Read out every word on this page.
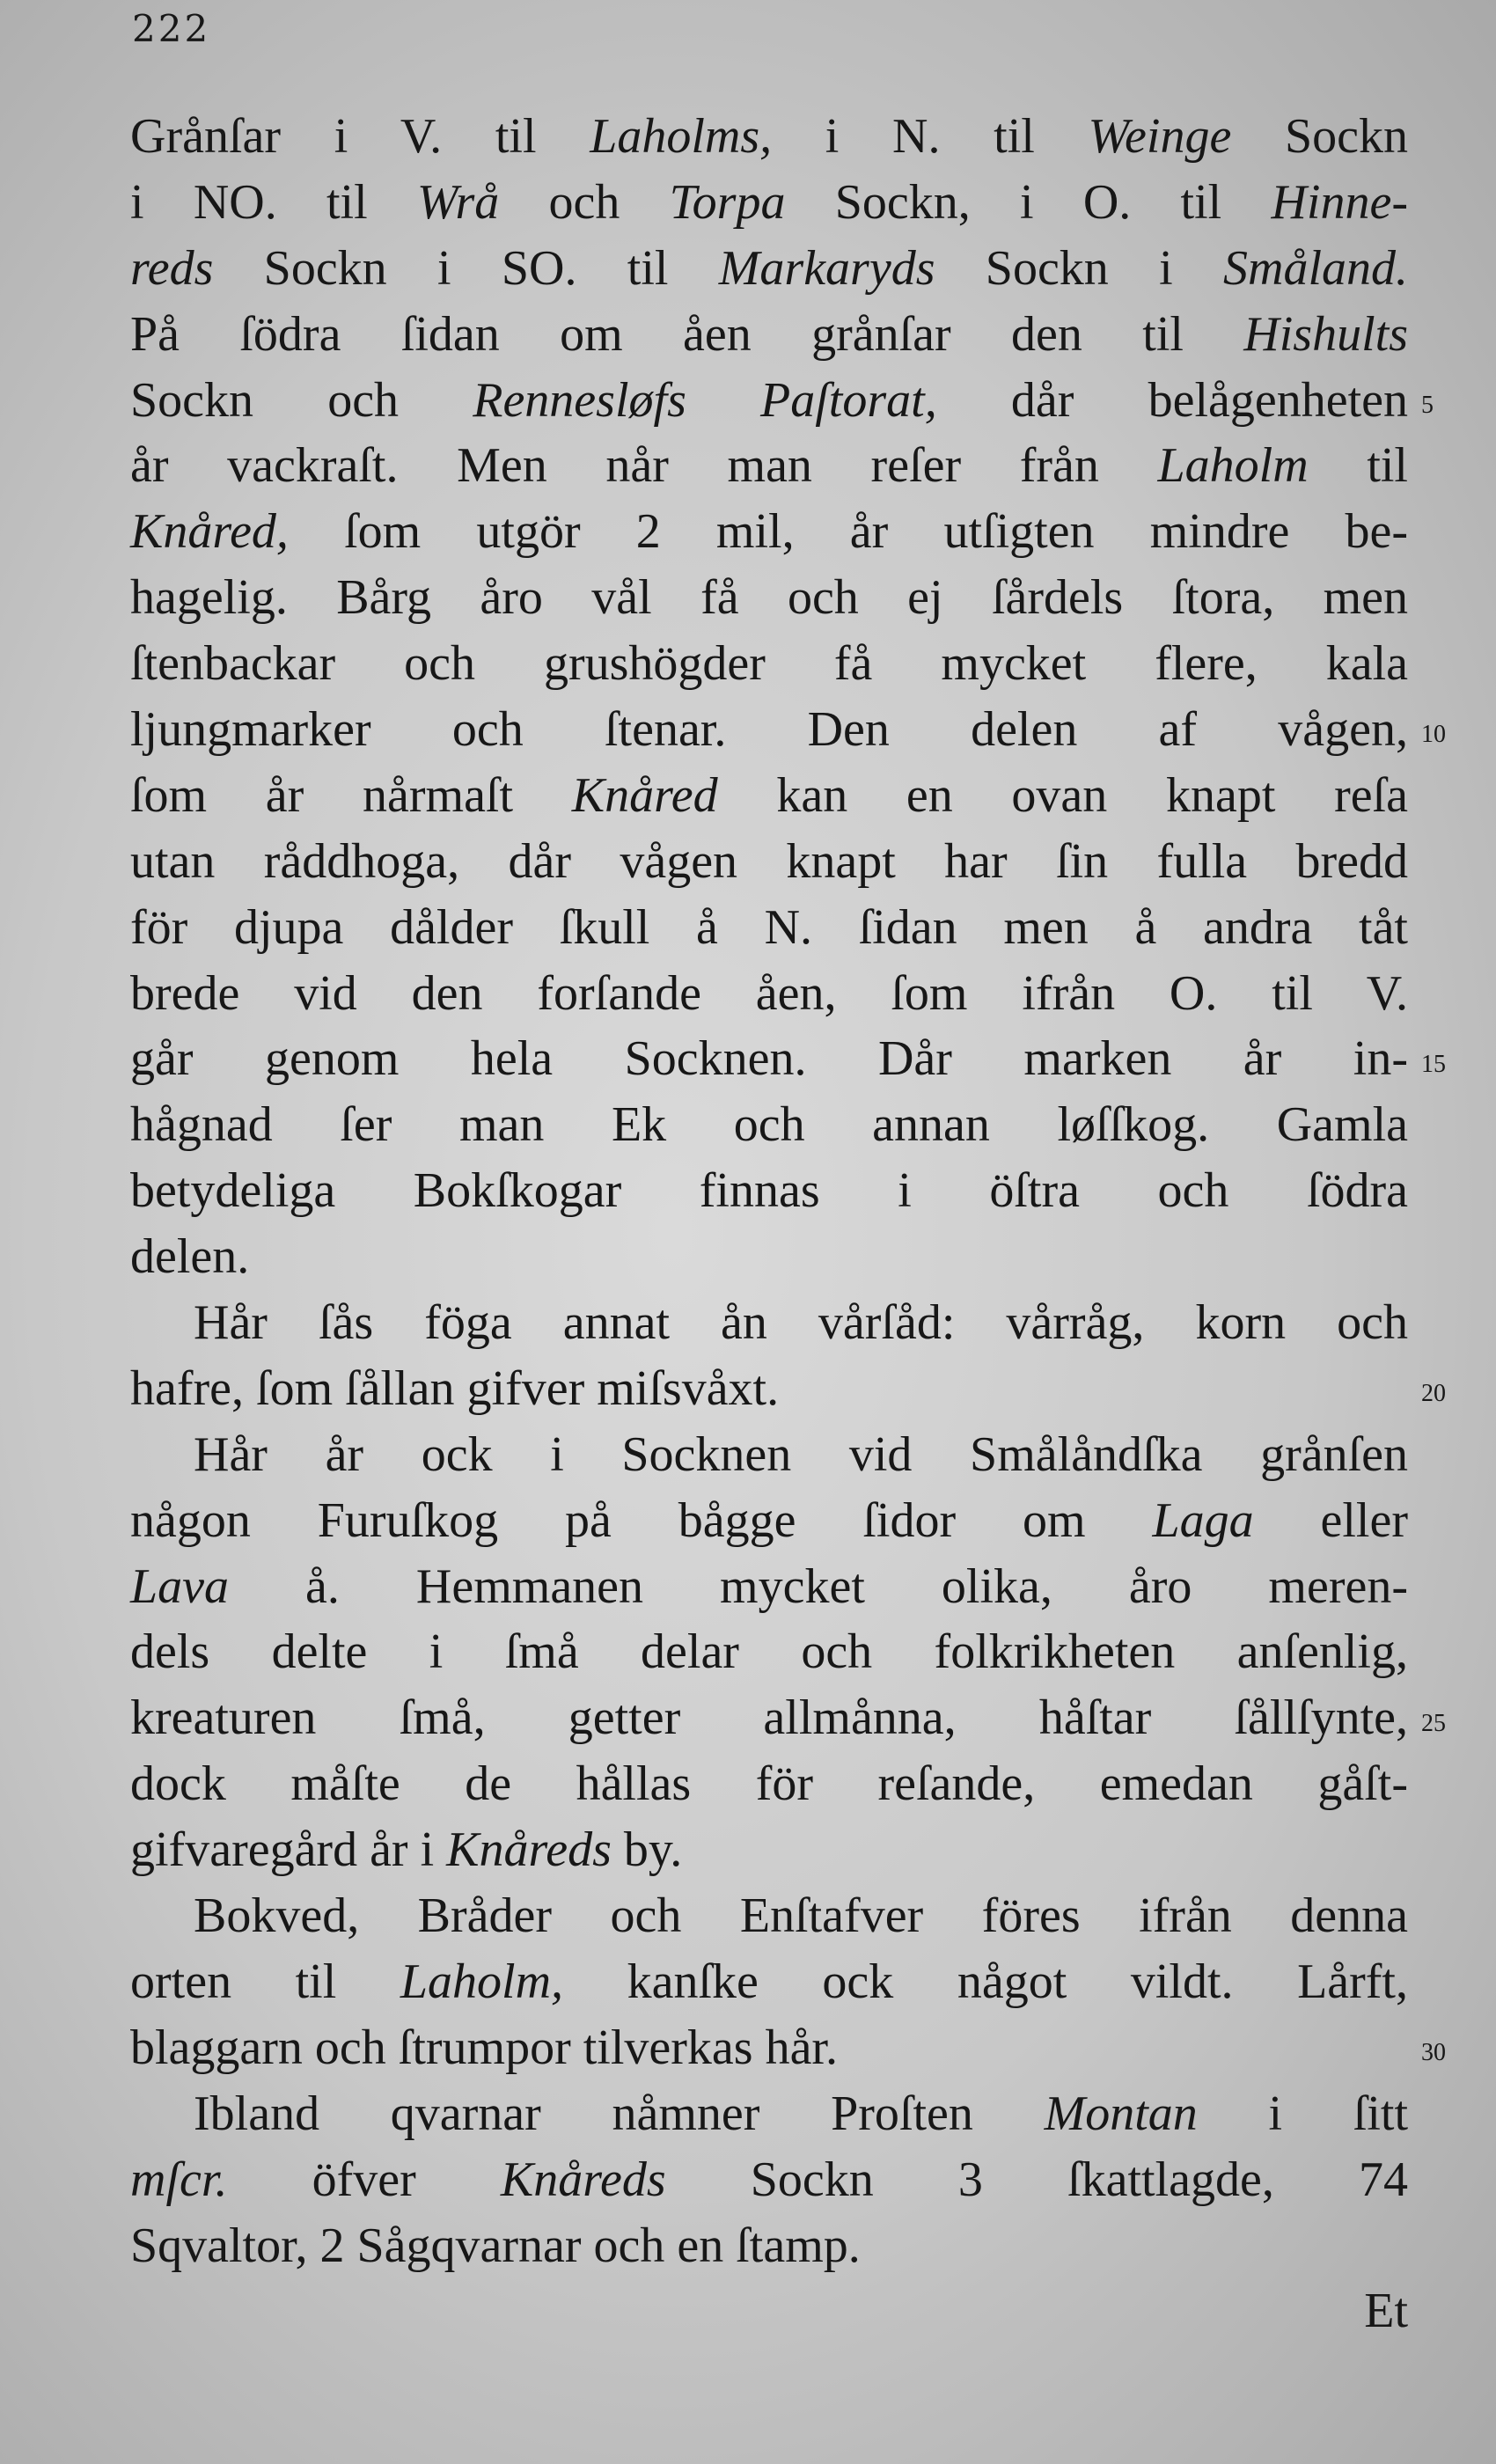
222
Grånſar i V. til Laholms, i N. til Weinge Sockn
i NO. til Wrå och Torpa Sockn, i O. til Hinne-
reds Sockn i SO. til Markaryds Sockn i Småland.
På ſödra ſidan om åen grånſar den til Hishults
Sockn och Rennesløfs Paſtorat, dår belågenheten
år vackraſt. Men når man reſer från Laholm til
Knåred, ſom utgör 2 mil, år utſigten mindre be-
hagelig. Bårg åro vål få och ej ſårdels ſtora, men
ſtenbackar och grushögder få mycket flere, kala
ljungmarker och ſtenar. Den delen af vågen,
ſom år nårmaſt Knåred kan en ovan knapt reſa
utan råddhoga, dår vågen knapt har ſin fulla bredd
för djupa dålder ſkull å N. ſidan men å andra tåt
brede vid den forſande åen, ſom ifrån O. til V.
går genom hela Socknen. Dår marken år in-
hågnad ſer man Ek och annan løſſkog. Gamla
betydeliga Bokſkogar finnas i öſtra och ſödra
delen.
Hår ſås föga annat ån vårſåd: vårråg, korn och
hafre, ſom ſållan gifver miſsvåxt.
Hår år ock i Socknen vid Smålåndſka grånſen
någon Furuſkog på bågge ſidor om Laga eller
Lava å. Hemmanen mycket olika, åro meren-
dels delte i ſmå delar och folkrikheten anſenlig,
kreaturen ſmå, getter allmånna, håſtar ſållſynte,
dock måſte de hållas för reſande, emedan gåſt-
gifvaregård år i Knåreds by.
Bokved, Bråder och Enſtafver föres ifrån denna
orten til Laholm, kanſke ock något vildt. Lårft,
blaggarn och ſtrumpor tilverkas hår.
Ibland qvarnar nåmner Proſten Montan i ſitt
mſcr. öfver Knåreds Sockn 3 ſkattlagde, 74
Sqvaltor, 2 Sågqvarnar och en ſtamp.
Et
5
10
15
20
25
30
